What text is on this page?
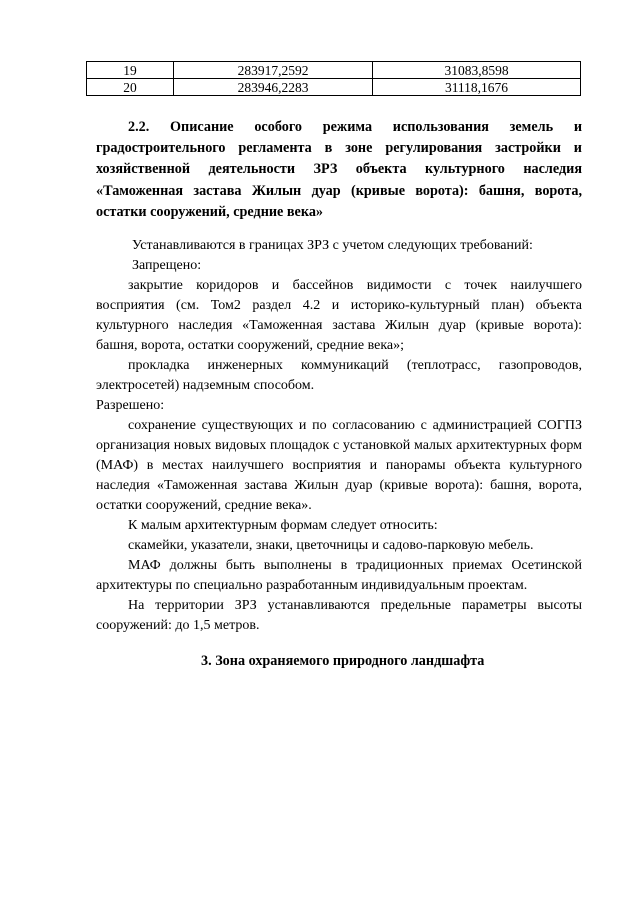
19	283917,2592	31083,8598
20	283946,2283	31118,1676
2.2. Описание особого режима использования земель и
градостроительного регламента в зоне регулирования застройки и
хозяйственной деятельности ЗРЗ объекта культурного наследия
«Таможенная застава Жилын дуар (кривые ворота): башня, ворота,
остатки сооружений, средние века»

Устанавливаются в границах ЗРЗ с учетом следующих требований:

Запрещено:

закрытие коридоров и бассейнов видимости с точек наилучшего восприятия (см. Том2 раздел 4.2 и историко-культурный план) объекта культурного наследия «Таможенная застава Жилын дуар (кривые ворота): башня, ворота, остатки сооружений, средние века»;

прокладка инженерных коммуникаций (теплотрасс, газопроводов, электросетей) надземным способом.

Разрешено:

сохранение существующих и по согласованию с администрацией СОГПЗ организация новых видовых площадок с установкой малых архитектурных форм (МАФ) в местах наилучшего восприятия и панорамы объекта культурного наследия «Таможенная застава Жилын дуар (кривые ворота): башня, ворота, остатки сооружений, средние века».

К малым архитектурным формам следует относить:

скамейки, указатели, знаки, цветочницы и садово-парковую мебель.

МАФ должны быть выполнены в традиционных приемах Осетинской архитектуры по специально разработанным индивидуальным проектам.

На территории ЗРЗ устанавливаются предельные параметры высоты сооружений: до 1,5 метров.

3. Зона охраняемого природного ландшафта
